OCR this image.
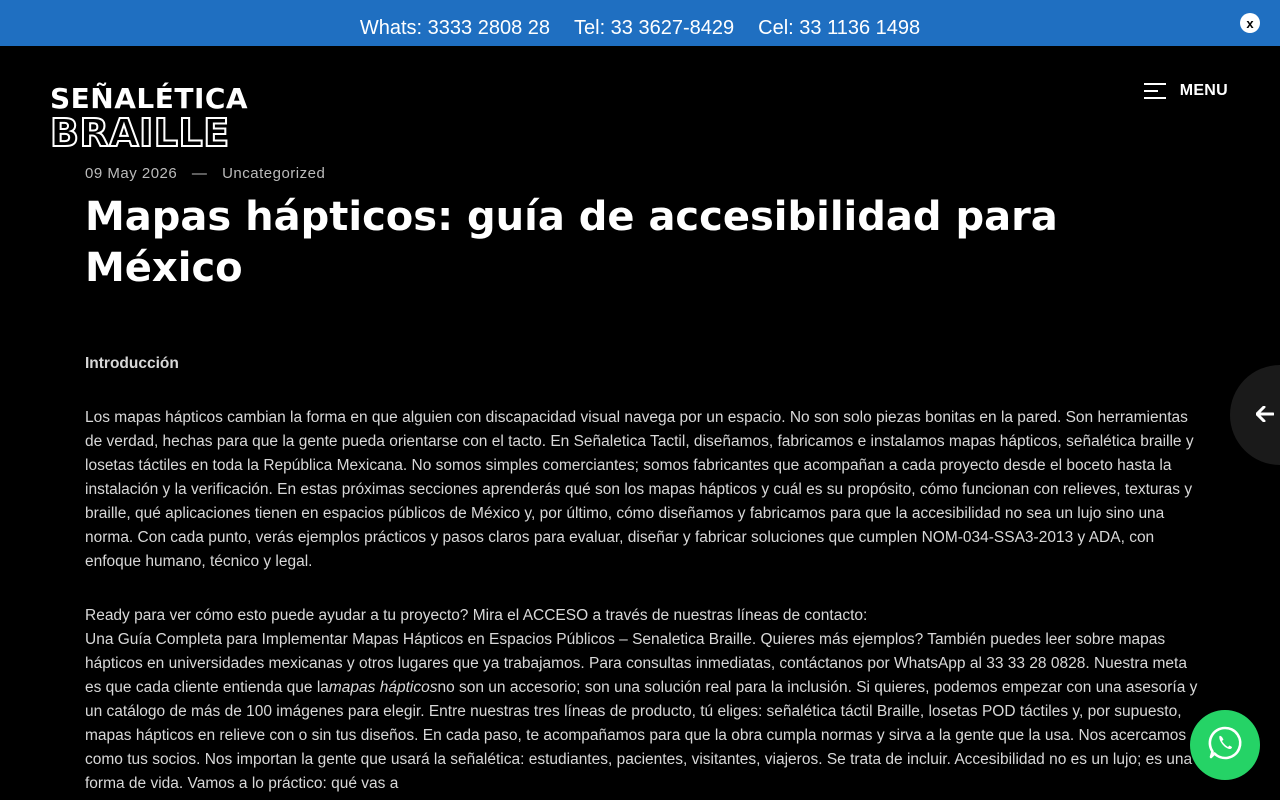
Whats: 3333 2808 28 Tel: 33 3627-8429 Cel: 33 1136 1498	x
SEÑALÉTICA
BRAILLE
MENU
09 May 2026 — Uncategorized
Mapas hápticos: guía de accesibilidad para México
Introducción

Los mapas hápticos cambian la forma en que alguien con discapacidad visual navega por un espacio. No son solo piezas bonitas en la pared. Son herramientas de verdad, hechas para que la gente pueda orientarse con el tacto. En Señaletica Tactil, diseñamos, fabricamos e instalamos mapas hápticos, señalética braille y losetas táctiles en toda la República Mexicana. No somos simples comerciantes; somos fabricantes que acompañan a cada proyecto desde el boceto hasta la instalación y la verificación. En estas próximas secciones aprenderás qué son los mapas hápticos y cuál es su propósito, cómo funcionan con relieves, texturas y braille, qué aplicaciones tienen en espacios públicos de México y, por último, cómo diseñamos y fabricamos para que la accesibilidad no sea un lujo sino una norma. Con cada punto, verás ejemplos prácticos y pasos claros para evaluar, diseñar y fabricar soluciones que cumplen NOM-034-SSA3-2013 y ADA, con enfoque humano, técnico y legal.

Ready para ver cómo esto puede ayudar a tu proyecto? Mira el ACCESO a través de nuestras líneas de contacto:

Una Guía Completa para Implementar Mapas Hápticos en Espacios Públicos – Senaletica Braille. Quieres más ejemplos? También puedes leer sobre mapas hápticos en universidades mexicanas y otros lugares que ya trabajamos. Para consultas inmediatas, contáctanos por WhatsApp al 33 33 28 0828. Nuestra meta es que cada cliente entienda que lamapas hápticosno son un accesorio; son una solución real para la inclusión. Si quieres, podemos empezar con una asesoría y un catálogo de más de 100 imágenes para elegir. Entre nuestras tres líneas de producto, tú eliges: señalética táctil Braille, losetas POD táctiles y, por supuesto, mapas hápticos en relieve con o sin tus diseños. En cada paso, te acompañamos para que la obra cumpla normas y sirva a la gente que la usa. Nos acercamos como tus socios. Nos importan la gente que usará la señalética: estudiantes, pacientes, visitantes, viajeros. Se trata de incluir. Accesibilidad no es un lujo; es una forma de vida. Vamos a lo práctico: qué vas a
